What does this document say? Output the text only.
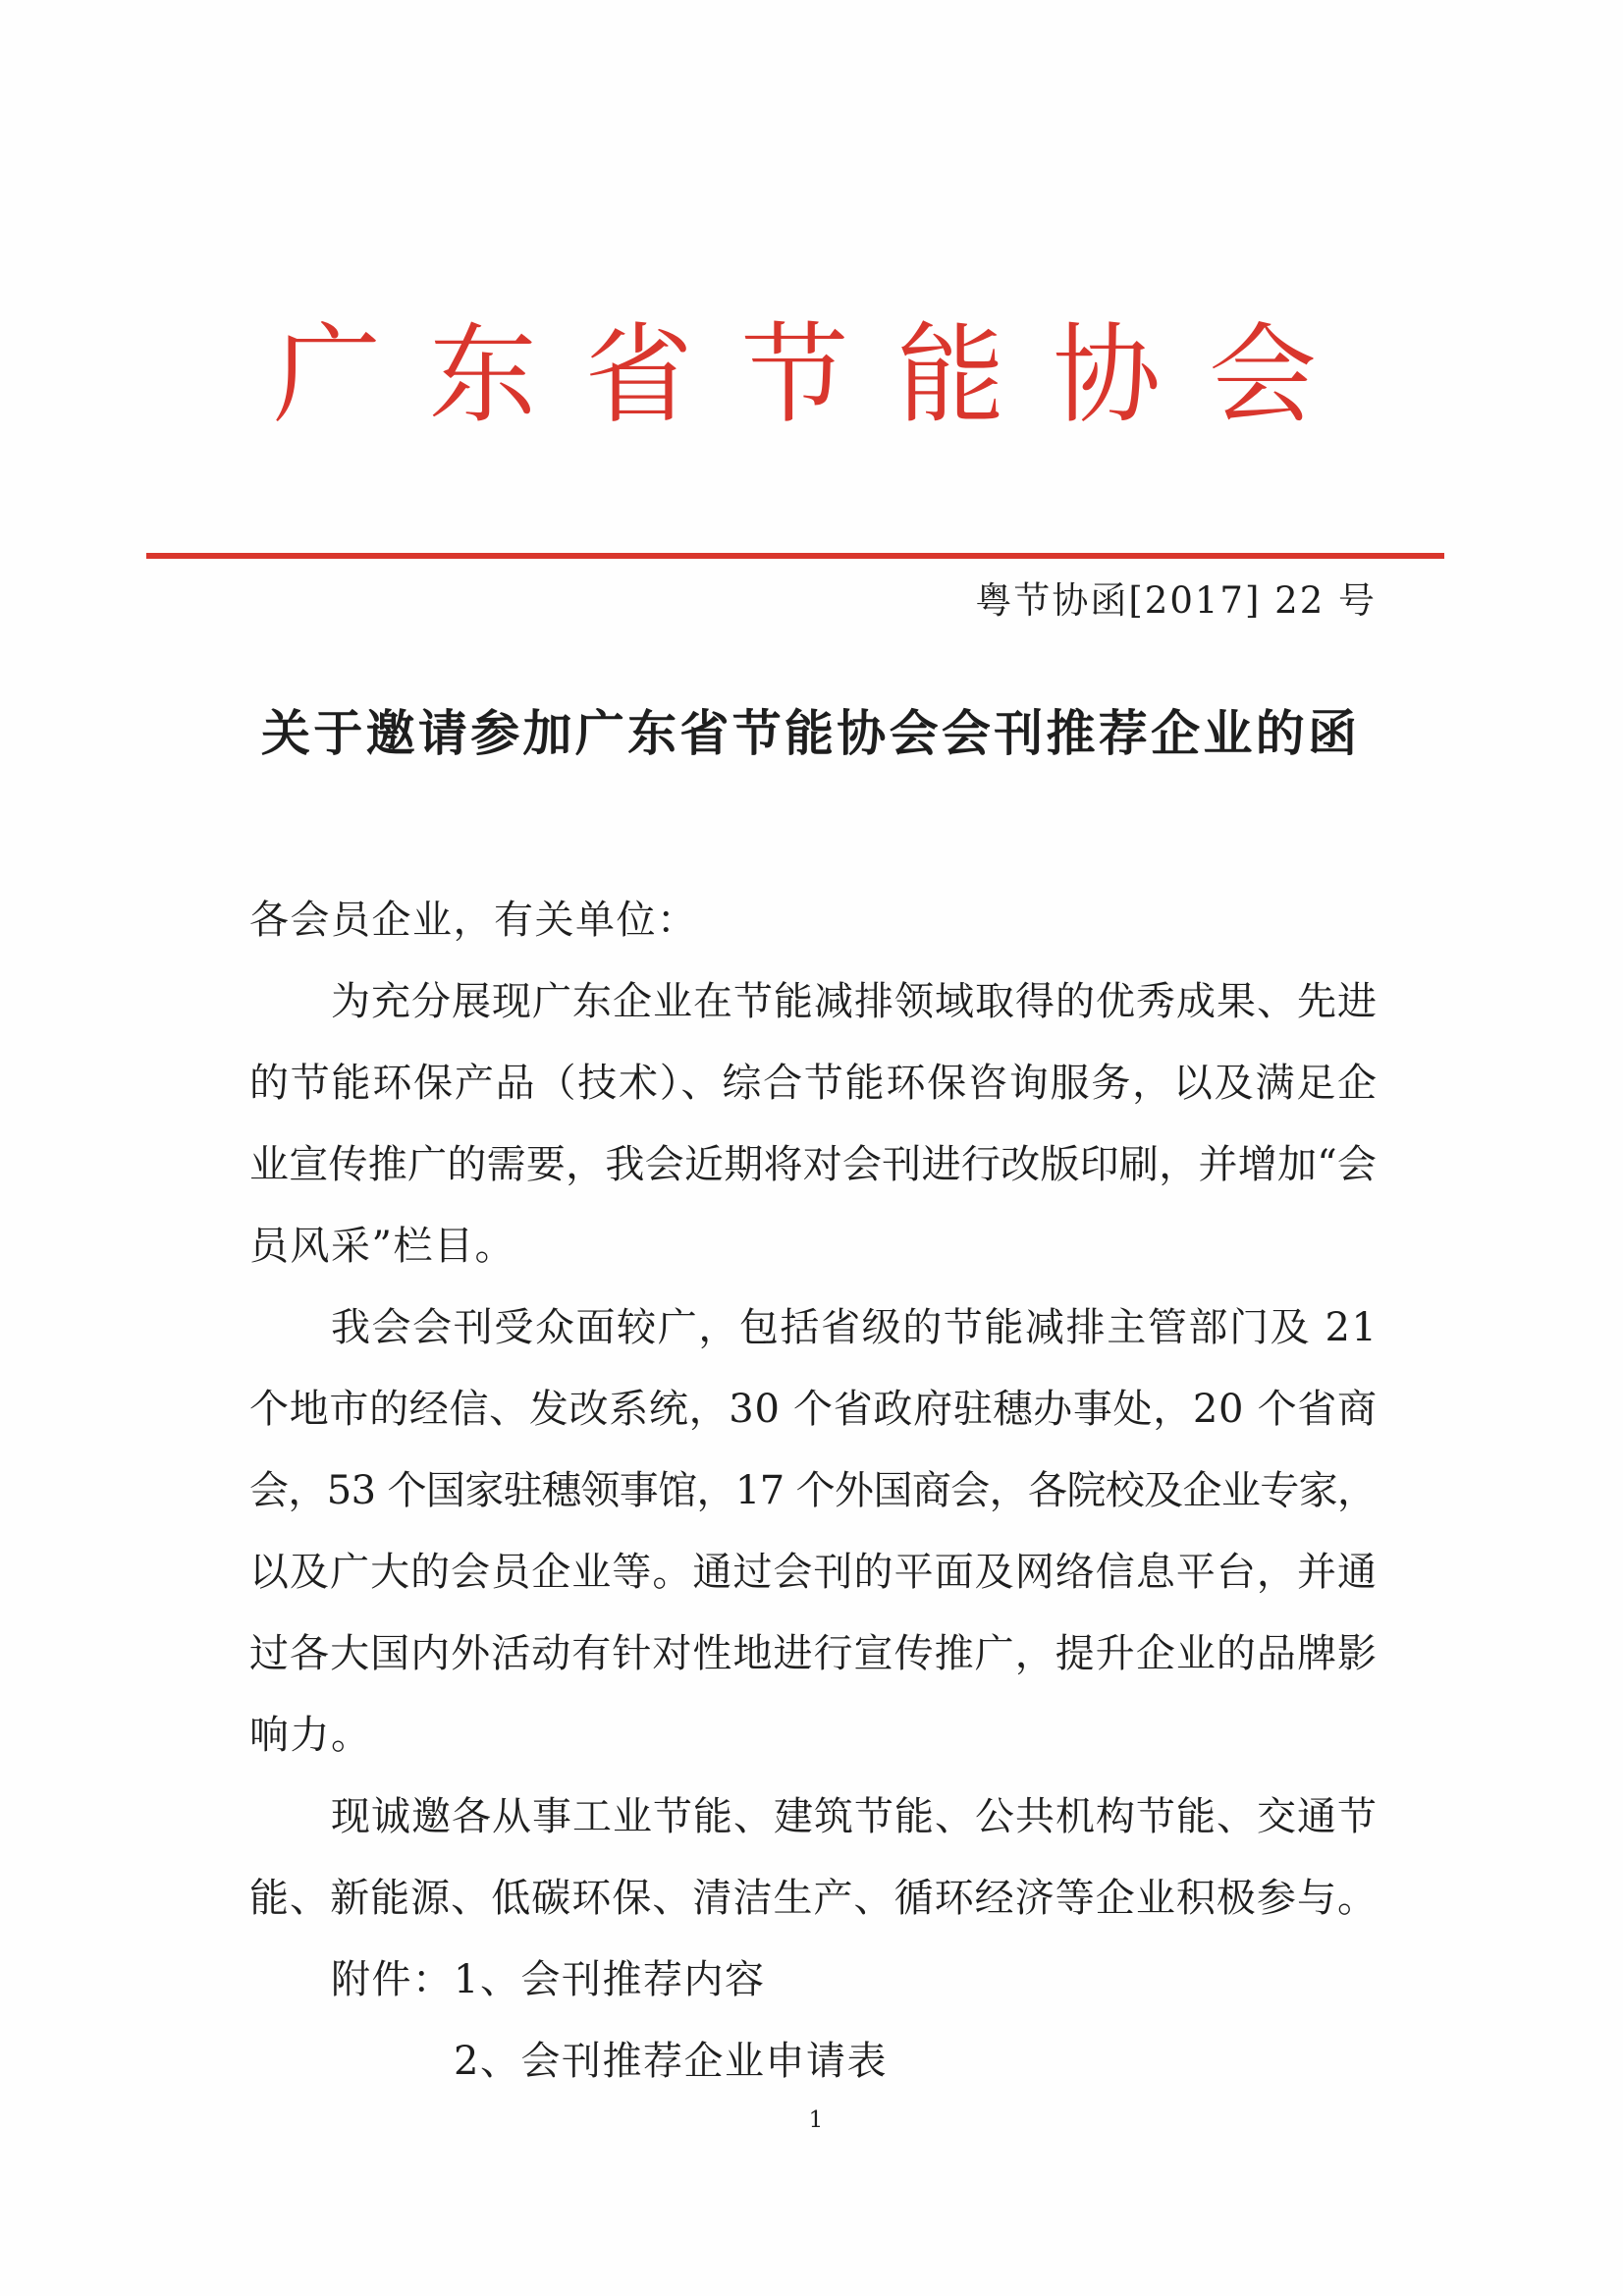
广东省节能协会
粤节协函[2017] 22 号
关于邀请参加广东省节能协会会刊推荐企业的函
各会员企业，有关单位：
为充分展现广东企业在节能减排领域取得的优秀成果、先进
的节能环保产品（技术）、综合节能环保咨询服务，以及满足企
业宣传推广的需要，我会近期将对会刊进行改版印刷，并增加“会
员风采”栏目。
我会会刊受众面较广，包括省级的节能减排主管部门及 21
个地市的经信、发改系统，30 个省政府驻穗办事处，20 个省商
会，53 个国家驻穗领事馆，17 个外国商会，各院校及企业专家，
以及广大的会员企业等。通过会刊的平面及网络信息平台，并通
过各大国内外活动有针对性地进行宣传推广，提升企业的品牌影
响力。
现诚邀各从事工业节能、建筑节能、公共机构节能、交通节
能、新能源、低碳环保、清洁生产、循环经济等企业积极参与。
附件：1、会刊推荐内容
2、会刊推荐企业申请表
1
